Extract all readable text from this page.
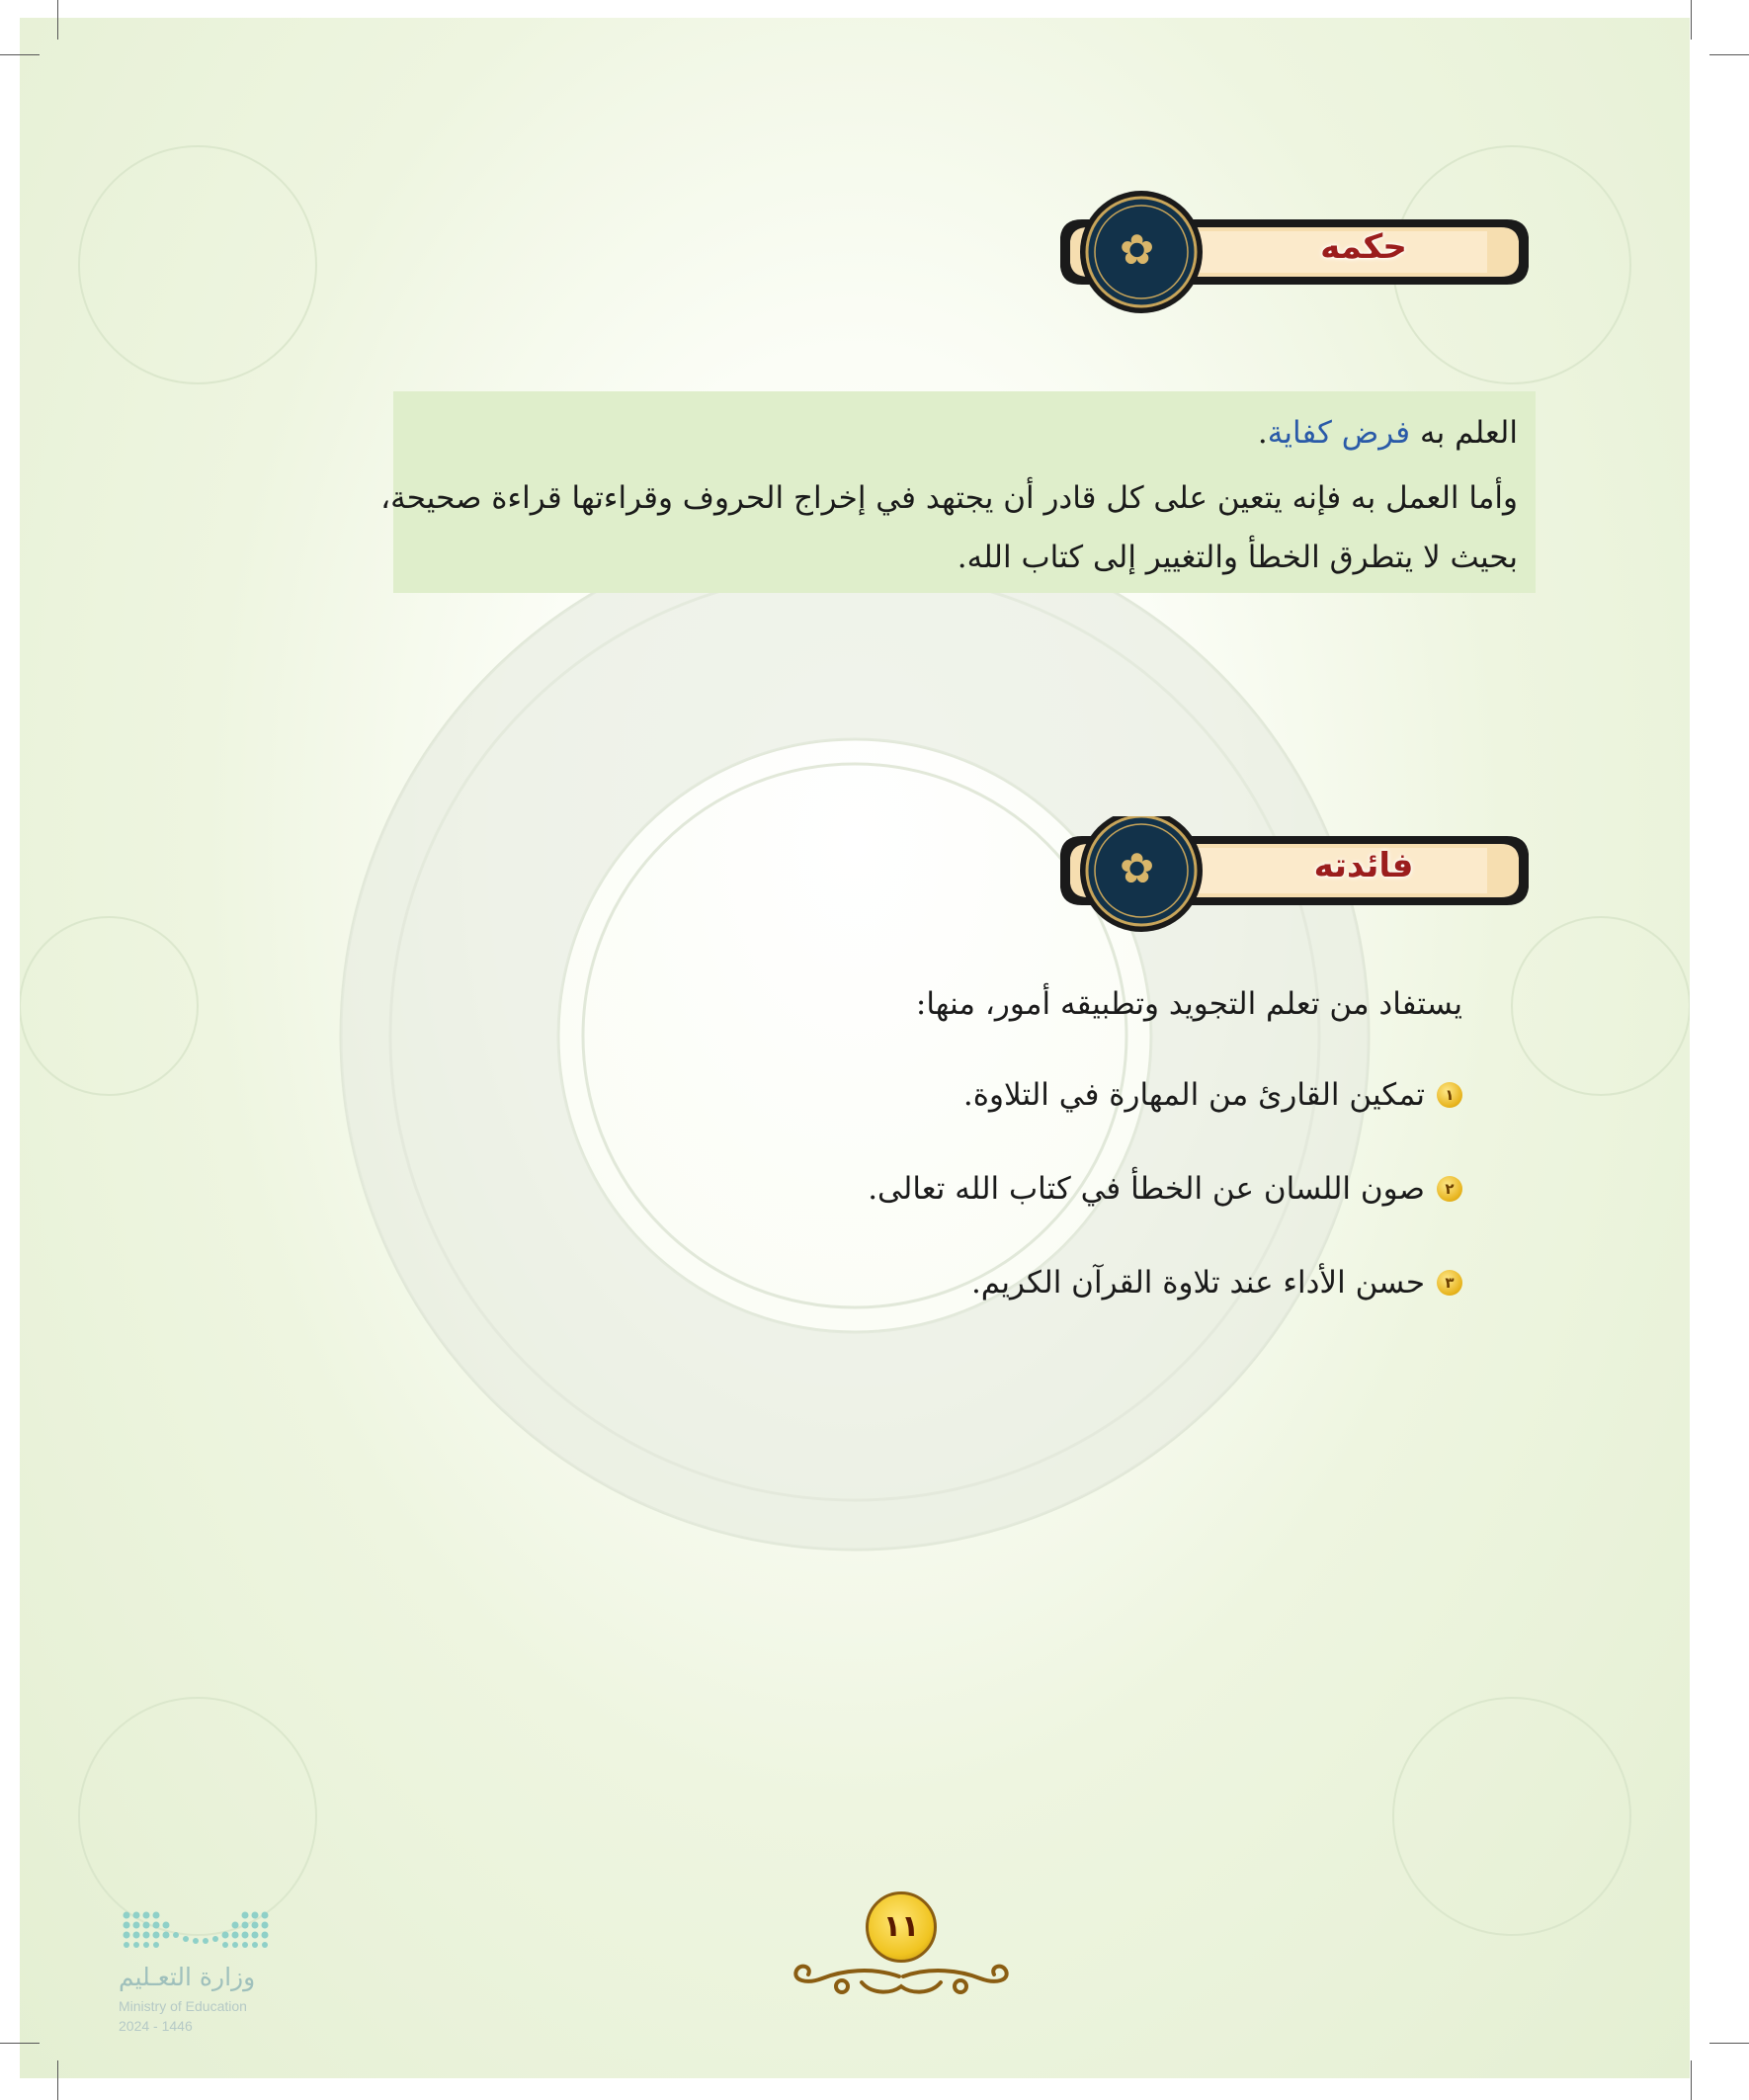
✿	حكمه
العلم به فرض كفاية.
وأما العمل به فإنه يتعين على كل قادر أن يجتهد في إخراج الحروف وقراءتها قراءة صحيحة،
بحيث لا يتطرق الخطأ والتغيير إلى كتاب الله.
✿	فائدته
يستفاد من تعلم التجويد وتطبيقه أمور، منها:
١
تمكين القارئ من المهارة في التلاوة.
٢
صون اللسان عن الخطأ في كتاب الله تعالى.
٣
حسن الأداء عند تلاوة القرآن الكريم.
وزارة التعـليم
Ministry of Education
2024 - 1446
١١
